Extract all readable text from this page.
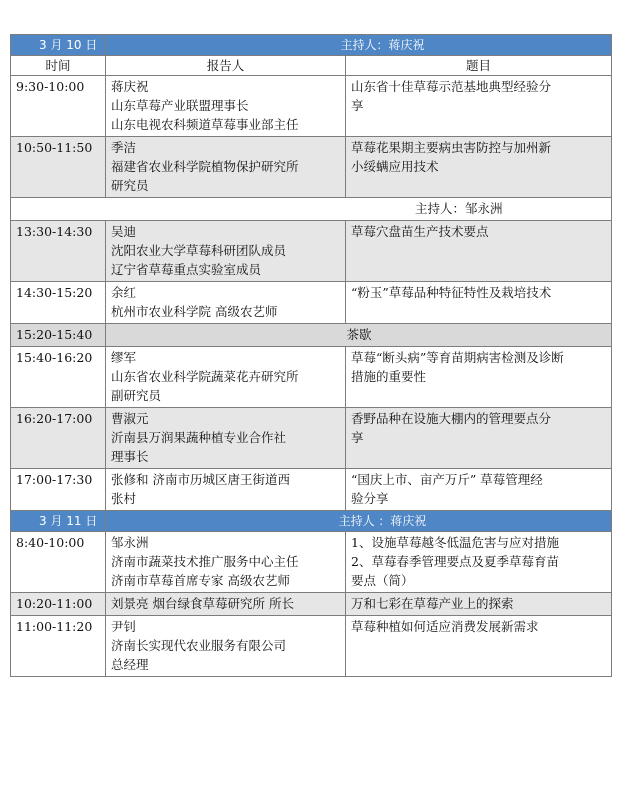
3 月 10 日	主持人：蒋庆祝	
时间	报告人	题目
9:30-10:00	蒋庆祝
山东草莓产业联盟理事长
山东电视农科频道草莓事业部主任	山东省十佳草莓示范基地典型经验分
享

10:50-11:50	季洁
福建省农业科学院植物保护研究所
研究员	草莓花果期主要病虫害防控与加州新
小绥螨应用技术

主持人：邹永洲		
13:30-14:30	吴迪
沈阳农业大学草莓科研团队成员
辽宁省草莓重点实验室成员	草莓穴盘苗生产技术要点

14:30-15:20	余红
杭州市农业科学院 高级农艺师	“粉玉”草莓品种特征特性及栽培技术

15:20-15:40	茶歇	
15:40-16:20	缪军
山东省农业科学院蔬菜花卉研究所
副研究员	草莓“断头病”等育苗期病害检测及诊断
措施的重要性

16:20-17:00	曹淑元
沂南县万润果蔬种植专业合作社
理事长	香野品种在设施大棚内的管理要点分
享

17:00-17:30	张修和 济南市历城区唐王街道西
张村	“国庆上市、亩产万斤” 草莓管理经
验分享

3 月 11 日	主持人 ：蒋庆祝	
8:40-10:00	邹永洲
济南市蔬菜技术推广服务中心主任
济南市草莓首席专家 高级农艺师	1、设施草莓越冬低温危害与应对措施
2、草莓春季管理要点及夏季草莓育苗
要点（简）

10:20-11:00	刘景亮 烟台绿食草莓研究所 所长	万和七彩在草莓产业上的探索

11:00-11:20	尹钊
济南长实现代农业服务有限公司
总经理	草莓种植如何适应消费发展新需求
